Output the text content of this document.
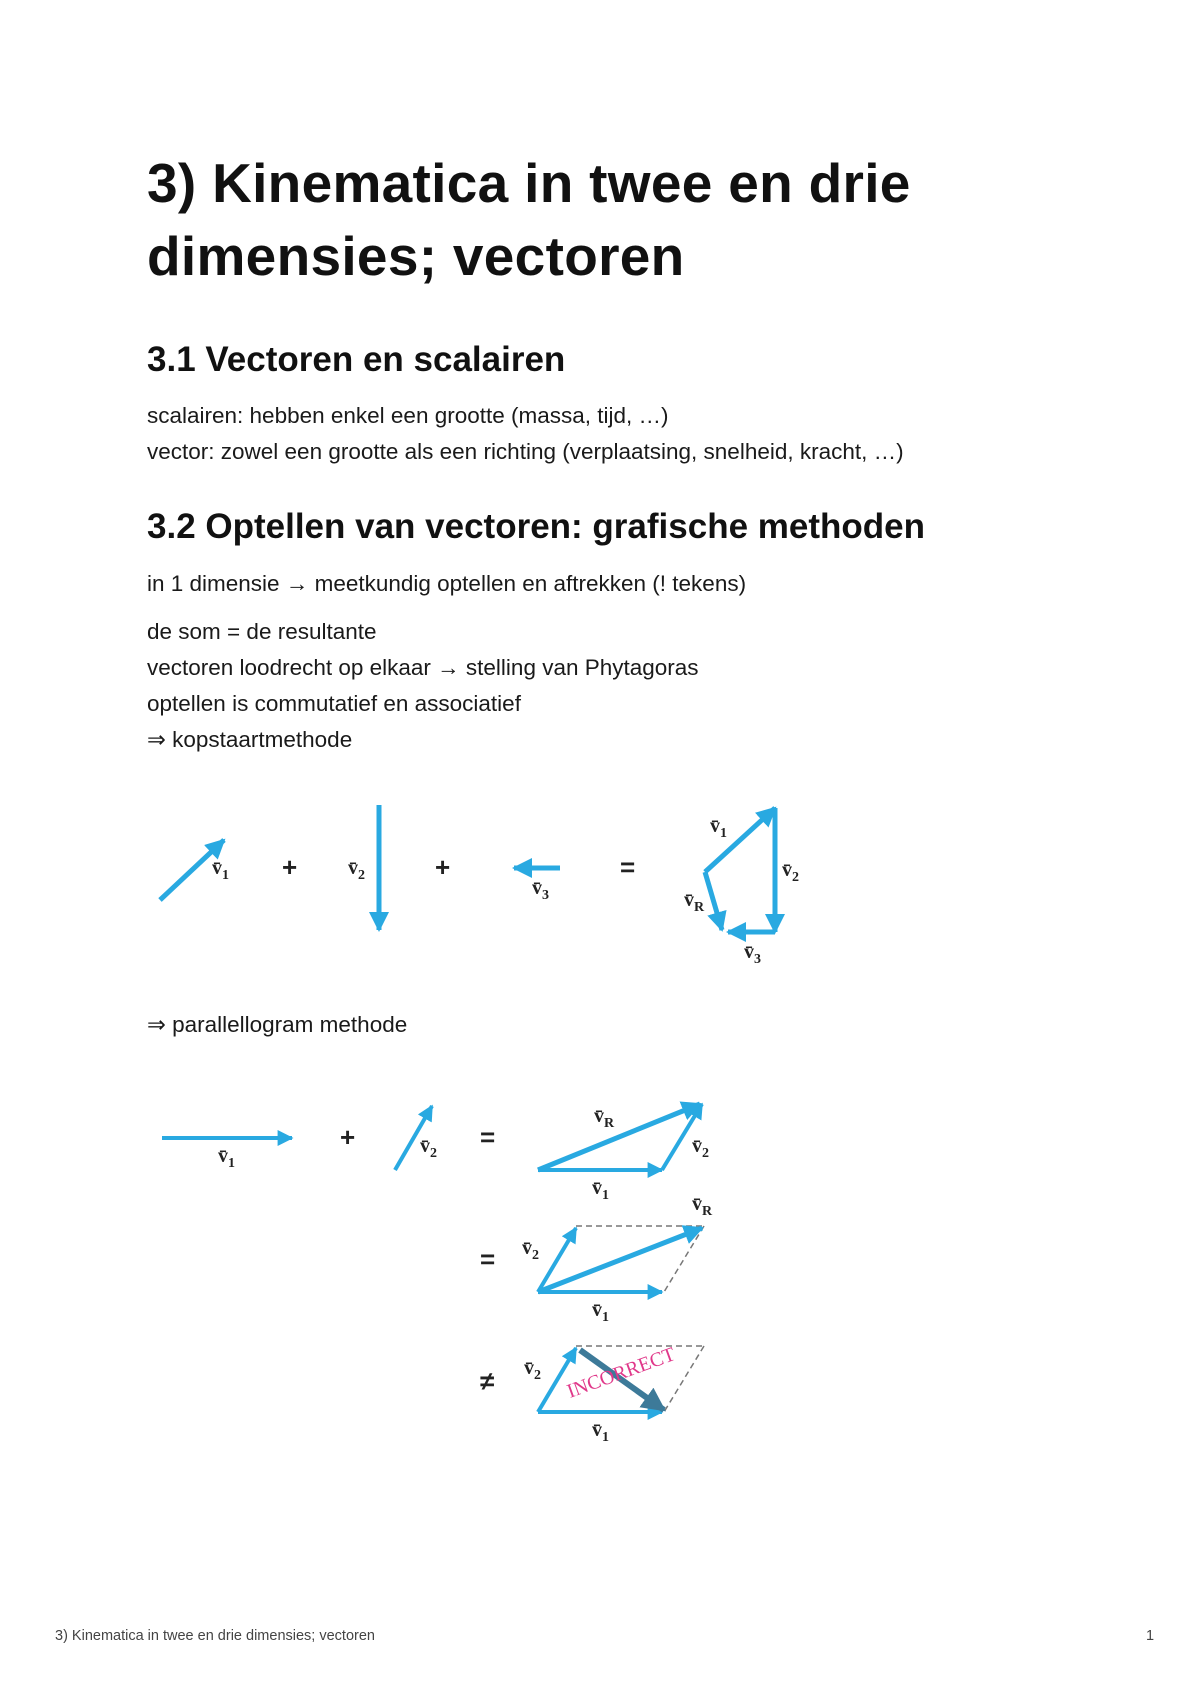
3) Kinematica in twee en drie
dimensies; vectoren
3.1 Vectoren en scalairen

scalairen: hebben enkel een grootte (massa, tijd, …)

vector: zowel een grootte als een richting (verplaatsing, snelheid, kracht, …)

3.2 Optellen van vectoren: grafische methoden

in 1 dimensie → meetkundig optellen en aftrekken (! tekens)

de som = de resultante

vectoren loodrecht op elkaar → stelling van Phytagoras

optellen is commutatief en associatief

⇒ kopstaartmethode

$v̄_1$ +	$v̄_2$	+
$v̄_3$
=
$v̄_1$
$v̄_2$
$v̄_R$
$v̄_3$

⇒ parallellogram methode

$v̄_1$
+	$v̄_2$
=
$v̄_R$
$v̄_2$
$v̄_1$
=
$v̄_R$
$v̄_2$
$v̄_1$
≠ $v̄_2$
$v̄_1$
INCORRECT
3) Kinematica in twee en drie dimensies; vectoren	1
